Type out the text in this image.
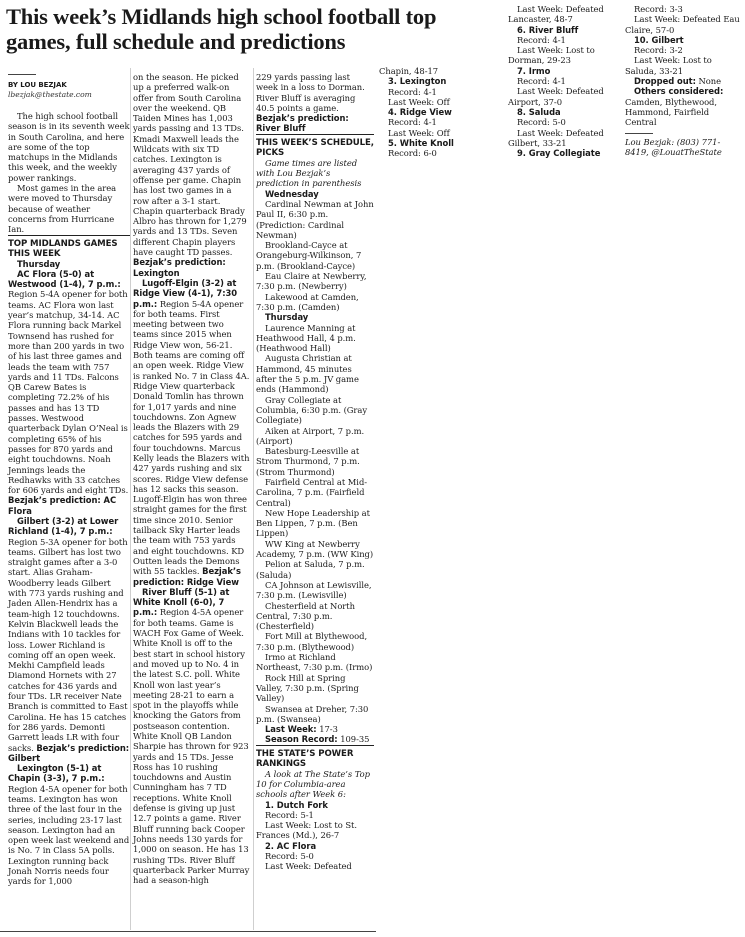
This week’s Midlands high school football top games, full schedule and predictions

BY LOU BEZJAK

lbezjak@thestate.com

The high school football season is in its seventh week in South Carolina, and here are some of the top matchups in the Midlands this week, and the weekly power rankings.

Most games in the area were moved to Thursday because of weather concerns from Hurricane Ian.

TOP MIDLANDS GAMES THIS WEEK

Thursday

AC Flora (5-0) at Westwood (1-4), 7 p.m.: Region 5-4A opener for both teams. AC Flora won last year’s matchup, 34-14. AC Flora running back Markel Townsend has rushed for more than 200 yards in two of his last three games and leads the team with 757 yards and 11 TDs. Falcons QB Carew Bates is completing 72.2% of his passes and has 13 TD passes. Westwood quarterback Dylan O’Neal is completing 65% of his passes for 870 yards and eight touchdowns. Noah Jennings leads the Redhawks with 33 catches for 606 yards and eight TDs. Bezjak’s prediction: AC Flora

Gilbert (3-2) at Lower Richland (1-4), 7 p.m.: Region 5-3A opener for both teams. Gilbert has lost two straight games after a 3-0 start. Alias Graham-Woodberry leads Gilbert with 773 yards rushing and Jaden Allen-Hendrix has a team-high 12 touchdowns. Kelvin Blackwell leads the Indians with 10 tackles for loss. Lower Richland is coming off an open week. Mekhi Campfield leads Diamond Hornets with 27 catches for 436 yards and four TDs. LR receiver Nate Branch is committed to East Carolina. He has 15 catches for 286 yards. Demonti Garrett leads LR with four sacks. Bezjak’s prediction: Gilbert

Lexington (5-1) at Chapin (3-3), 7 p.m.: Region 4-5A opener for both teams. Lexington has won three of the last four in the series, including 23-17 last season. Lexington had an open week last weekend and is No. 7 in Class 5A polls. Lexington running back Jonah Norris needs four yards for 1,000

on the season. He picked up a preferred walk-on offer from South Carolina over the weekend. QB Taiden Mines has 1,003 yards passing and 13 TDs. Kmadi Maxwell leads the Wildcats with six TD catches. Lexington is averaging 437 yards of offense per game. Chapin has lost two games in a row after a 3-1 start. Chapin quarterback Brady Albro has thrown for 1,279 yards and 13 TDs. Seven different Chapin players have caught TD passes. Bezjak’s prediction: Lexington

Lugoff-Elgin (3-2) at Ridge View (4-1), 7:30 p.m.: Region 5-4A opener for both teams. First meeting between two teams since 2015 when Ridge View won, 56-21. Both teams are coming off an open week. Ridge View is ranked No. 7 in Class 4A. Ridge View quarterback Donald Tomlin has thrown for 1,017 yards and nine touchdowns. Zon Agnew leads the Blazers with 29 catches for 595 yards and four touchdowns. Marcus Kelly leads the Blazers with 427 yards rushing and six scores. Ridge View defense has 12 sacks this season. Lugoff-Elgin has won three straight games for the first time since 2010. Senior tailback Sky Harter leads the team with 753 yards and eight touchdowns. KD Outten leads the Demons with 55 tackles. Bezjak’s prediction: Ridge View

River Bluff (5-1) at White Knoll (6-0), 7 p.m.: Region 4-5A opener for both teams. Game is WACH Fox Game of Week. White Knoll is off to the best start in school history and moved up to No. 4 in the latest S.C. poll. White Knoll won last year’s meeting 28-21 to earn a spot in the playoffs while knocking the Gators from postseason contention. White Knoll QB Landon Sharpie has thrown for 923 yards and 15 TDs. Jesse Ross has 10 rushing touchdowns and Austin Cunningham has 7 TD receptions. White Knoll defense is giving up just 12.7 points a game. River Bluff running back Cooper Johns needs 130 yards for 1,000 on season. He has 13 rushing TDs. River Bluff quarterback Parker Murray had a season-high

229 yards passing last week in a loss to Dorman. River Bluff is averaging 40.5 points a game. Bezjak’s prediction: River Bluff

THIS WEEK’S SCHEDULE, PICKS

Game times are listed with Lou Bezjak’s prediction in parenthesis

Wednesday

Cardinal Newman at John Paul II, 6:30 p.m. (Prediction: Cardinal Newman)

Brookland-Cayce at Orangeburg-Wilkinson, 7 p.m. (Brookland-Cayce)

Eau Claire at Newberry, 7:30 p.m. (Newberry)

Lakewood at Camden, 7:30 p.m. (Camden)

Thursday

Laurence Manning at Heathwood Hall, 4 p.m. (Heathwood Hall)

Augusta Christian at Hammond, 45 minutes after the 5 p.m. JV game ends (Hammond)

Gray Collegiate at Columbia, 6:30 p.m. (Gray Collegiate)

Aiken at Airport, 7 p.m. (Airport)

Batesburg-Leesville at Strom Thurmond, 7 p.m. (Strom Thurmond)

Fairfield Central at Mid-Carolina, 7 p.m. (Fairfield Central)

New Hope Leadership at Ben Lippen, 7 p.m. (Ben Lippen)

WW King at Newberry Academy, 7 p.m. (WW King)

Pelion at Saluda, 7 p.m. (Saluda)

CA Johnson at Lewisville, 7:30 p.m. (Lewisville)

Chesterfield at North Central, 7:30 p.m. (Chesterfield)

Fort Mill at Blythewood, 7:30 p.m. (Blythewood)

Irmo at Richland Northeast, 7:30 p.m. (Irmo)

Rock Hill at Spring Valley, 7:30 p.m. (Spring Valley)

Swansea at Dreher, 7:30 p.m. (Swansea)

Last Week: 17-3

Season Record: 109-35

THE STATE’S POWER RANKINGS

A look at The State’s Top 10 for Columbia-area schools after Week 6:

1. Dutch Fork

Record: 5-1

Last Week: Lost to St. Frances (Md.), 26-7

2. AC Flora

Record: 5-0

Last Week: Defeated

Chapin, 48-17

3. Lexington

Record: 4-1

Last Week: Off

4. Ridge View

Record: 4-1

Last Week: Off

5. White Knoll

Record: 6-0

Last Week: Defeated Lancaster, 48-7

6. River Bluff

Record: 4-1

Last Week: Lost to Dorman, 29-23

7. Irmo

Record: 4-1

Last Week: Defeated Airport, 37-0

8. Saluda

Record: 5-0

Last Week: Defeated Gilbert, 33-21

9. Gray Collegiate

Record: 3-3

Last Week: Defeated Eau Claire, 57-0

10. Gilbert

Record: 3-2

Last Week: Lost to Saluda, 33-21

Dropped out: None

Others considered: Camden, Blythewood, Hammond, Fairfield Central

Lou Bezjak: (803) 771-8419, @LouatTheState
